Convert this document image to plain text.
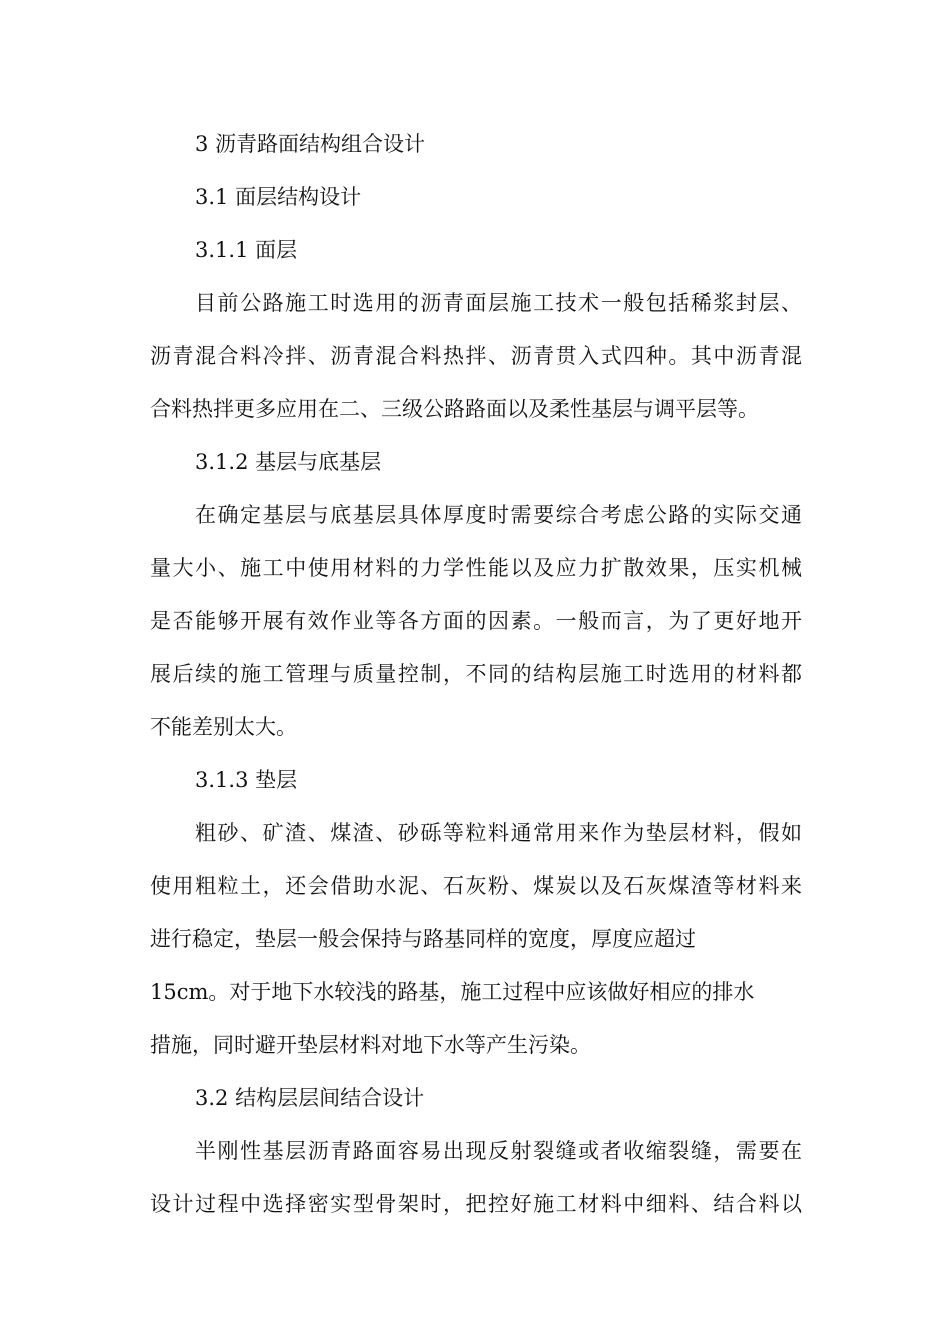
3 沥青路面结构组合设计
3.1 面层结构设计
3.1.1 面层
目前公路施工时选用的沥青面层施工技术一般包括稀浆封层、
沥青混合料冷拌、沥青混合料热拌、沥青贯入式四种。其中沥青混
合料热拌更多应用在二、三级公路路面以及柔性基层与调平层等。
3.1.2 基层与底基层
在确定基层与底基层具体厚度时需要综合考虑公路的实际交通
量大小、施工中使用材料的力学性能以及应力扩散效果，压实机械
是否能够开展有效作业等各方面的因素。一般而言，为了更好地开
展后续的施工管理与质量控制，不同的结构层施工时选用的材料都
不能差别太大。
3.1.3 垫层
粗砂、矿渣、煤渣、砂砾等粒料通常用来作为垫层材料，假如
使用粗粒土，还会借助水泥、石灰粉、煤炭以及石灰煤渣等材料来
进行稳定，垫层一般会保持与路基同样的宽度，厚度应超过
15cm。对于地下水较浅的路基，施工过程中应该做好相应的排水
措施，同时避开垫层材料对地下水等产生污染。
3.2 结构层层间结合设计
半刚性基层沥青路面容易出现反射裂缝或者收缩裂缝，需要在
设计过程中选择密实型骨架时，把控好施工材料中细料、结合料以
